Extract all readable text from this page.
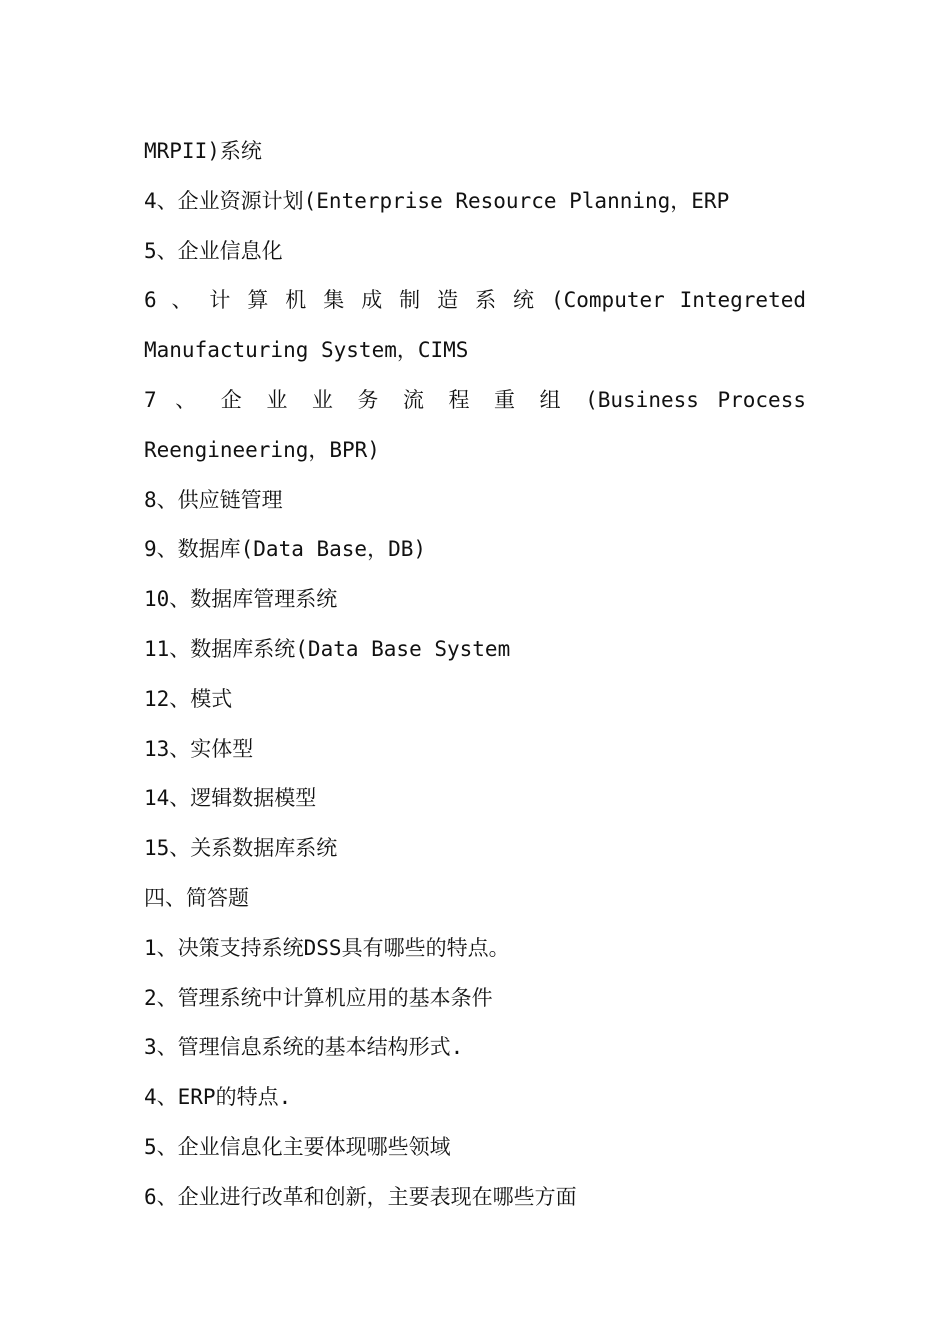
MRPII)系统
4、企业资源计划(Enterprise Resource Planning，ERP
5、企业信息化
6 、 计 算 机 集 成 制 造 系 统 (Computer Integreted
Manufacturing System，CIMS
7 、 企 业 业 务 流 程 重 组 (Business Process
Reengineering，BPR)
8、供应链管理
9、数据库(Data Base，DB)
10、数据库管理系统
11、数据库系统(Data Base System
12、模式
13、实体型
14、逻辑数据模型
15、关系数据库系统
四、简答题
1、决策支持系统DSS具有哪些的特点。
2、管理系统中计算机应用的基本条件
3、管理信息系统的基本结构形式.
4、ERP的特点.
5、企业信息化主要体现哪些领域
6、企业进行改革和创新，主要表现在哪些方面
